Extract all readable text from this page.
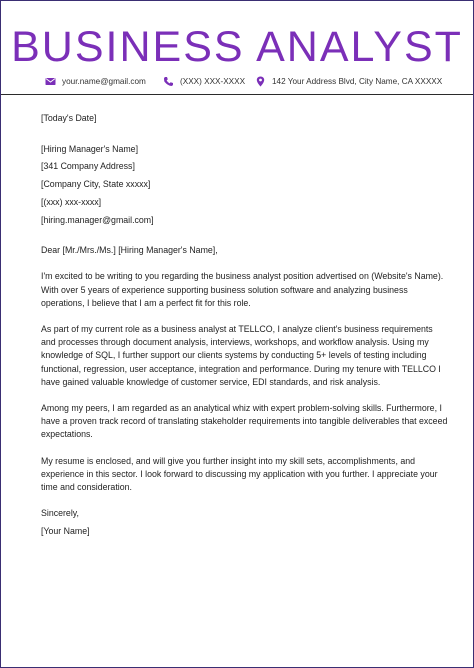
BUSINESS ANALYST
your.name@gmail.com	(XXX) XXX-XXXX	142 Your Address Blvd, City Name, CA XXXXX

[Today's Date]

[Hiring Manager's Name]

[341 Company Address]

[Company City, State xxxxx]

[(xxx) xxx-xxxx]

[hiring.manager@gmail.com]

Dear [Mr./Mrs./Ms.] [Hiring Manager's Name],

I'm excited to be writing to you regarding the business analyst position advertised on (Website's Name). With over 5 years of experience supporting business solution software and analyzing business operations, I believe that I am a perfect fit for this role.

As part of my current role as a business analyst at TELLCO, I analyze client's business requirements and processes through document analysis, interviews, workshops, and workflow analysis. Using my knowledge of SQL, I further support our clients systems by conducting 5+ levels of testing including functional, regression, user acceptance, integration and performance. During my tenure with TELLCO I have gained valuable knowledge of customer service, EDI standards, and risk analysis.

Among my peers, I am regarded as an analytical whiz with expert problem-solving skills. Furthermore, I have a proven track record of translating stakeholder requirements into tangible deliverables that exceed expectations.

My resume is enclosed, and will give you further insight into my skill sets, accomplishments, and experience in this sector. I look forward to discussing my application with you further. I appreciate your time and consideration.

Sincerely,

[Your Name]
